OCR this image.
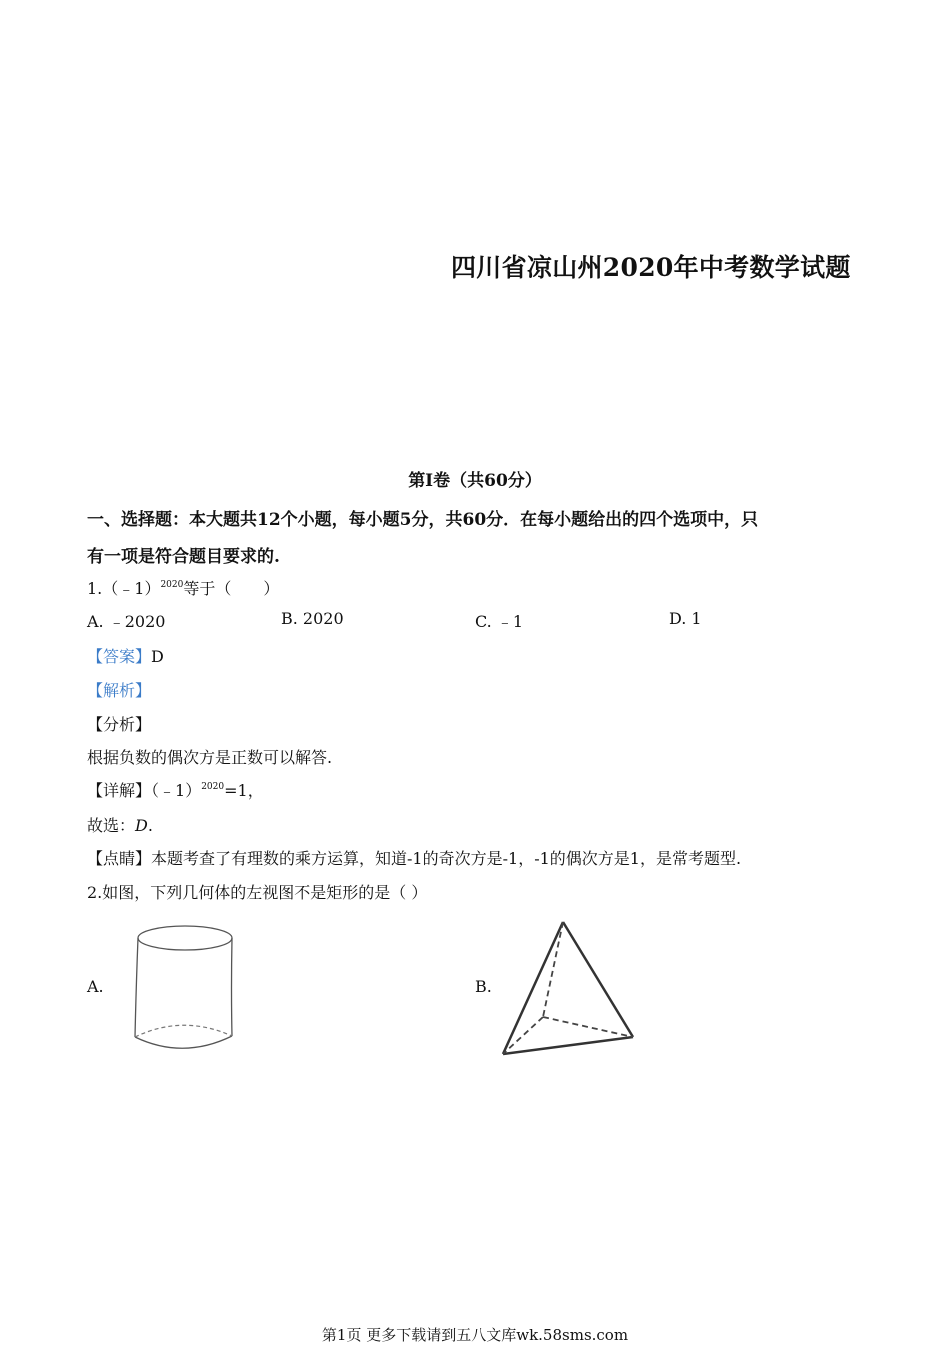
四川省凉山州2020年中考数学试题
第Ⅰ卷（共60分）
一、选择题：本大题共12个小题，每小题5分，共60分．在每小题给出的四个选项中，只
有一项是符合题目要求的.
1.（﹣1）$^{2020}$等于（　　）
A. ﹣2020	B. 2020	C. ﹣1	D. 1
【答案】D
【解析】
【分析】
根据负数的偶次方是正数可以解答.
【详解】（﹣1）$^{2020}$=1，
故选：D.
【点睛】本题考查了有理数的乘方运算，知道-1的奇次方是-1，-1的偶次方是1，是常考题型.
2.如图，下列几何体的左视图不是矩形的是（ ）
A.	B.
第1页 更多下载请到五八文库wk.58sms.com
